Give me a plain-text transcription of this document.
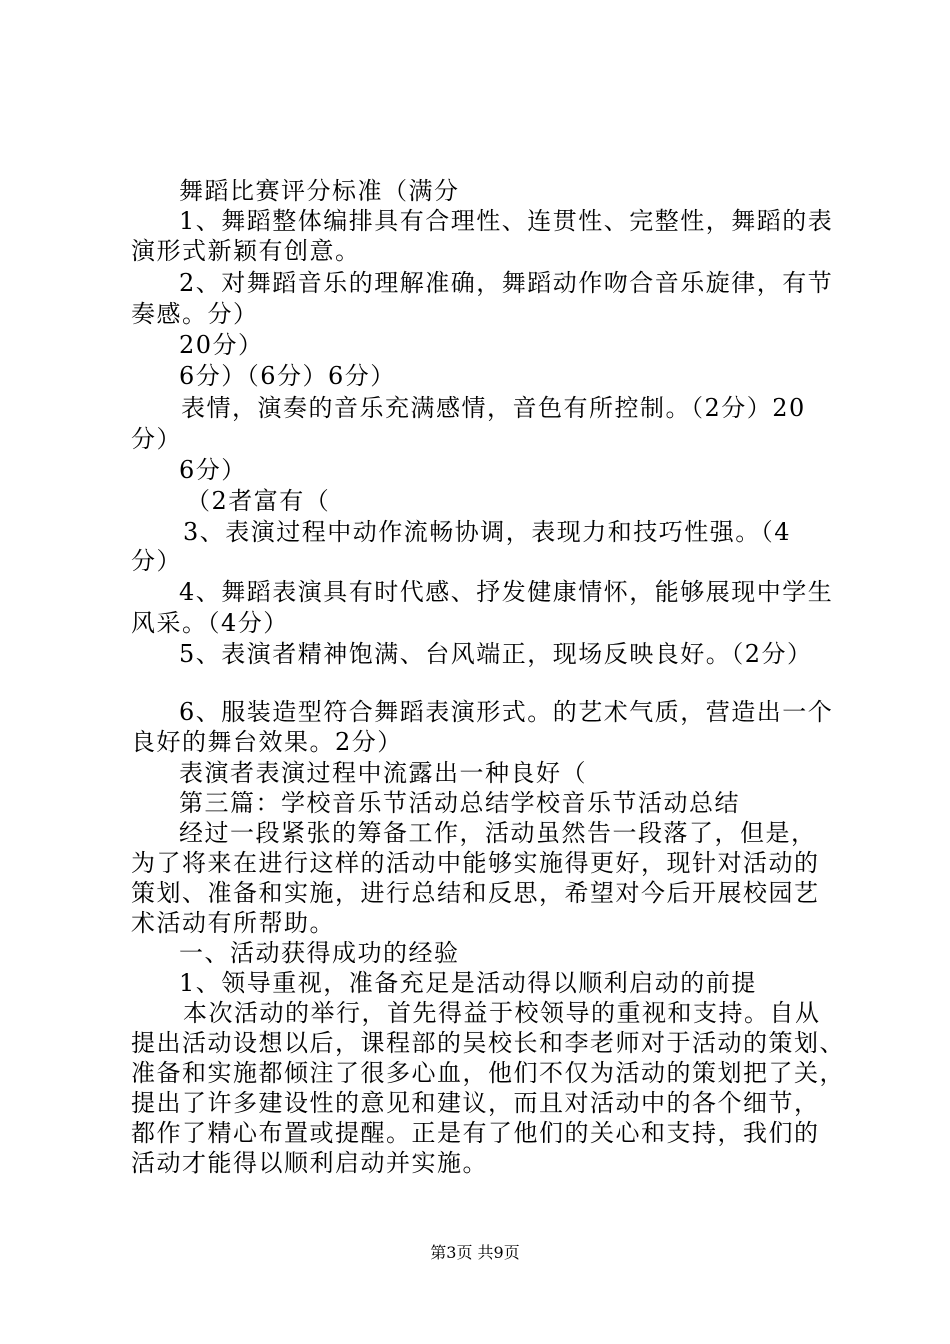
舞蹈比赛评分标准（满分
1、舞蹈整体编排具有合理性、连贯性、完整性，舞蹈的表
演形式新颖有创意。
2、对舞蹈音乐的理解准确，舞蹈动作吻合音乐旋律，有节
奏感。分）
20分）
6分）（6分）6分）
表情，演奏的音乐充满感情，音色有所控制。（2分）20
分）
6分）
（2者富有（
3、表演过程中动作流畅协调，表现力和技巧性强。（4
分）
4、舞蹈表演具有时代感、抒发健康情怀，能够展现中学生
风采。（4分）
5、表演者精神饱满、台风端正，现场反映良好。（2分）
6、服装造型符合舞蹈表演形式。的艺术气质，营造出一个
良好的舞台效果。2分）
表演者表演过程中流露出一种良好（
第三篇：学校音乐节活动总结学校音乐节活动总结
经过一段紧张的筹备工作，活动虽然告一段落了，但是，
为了将来在进行这样的活动中能够实施得更好，现针对活动的
策划、准备和实施，进行总结和反思，希望对今后开展校园艺
术活动有所帮助。
一、活动获得成功的经验
1、领导重视，准备充足是活动得以顺利启动的前提
本次活动的举行，首先得益于校领导的重视和支持。自从
提出活动设想以后，课程部的吴校长和李老师对于活动的策划、
准备和实施都倾注了很多心血，他们不仅为活动的策划把了关，
提出了许多建设性的意见和建议，而且对活动中的各个细节，
都作了精心布置或提醒。正是有了他们的关心和支持，我们的
活动才能得以顺利启动并实施。
第3页 共9页
